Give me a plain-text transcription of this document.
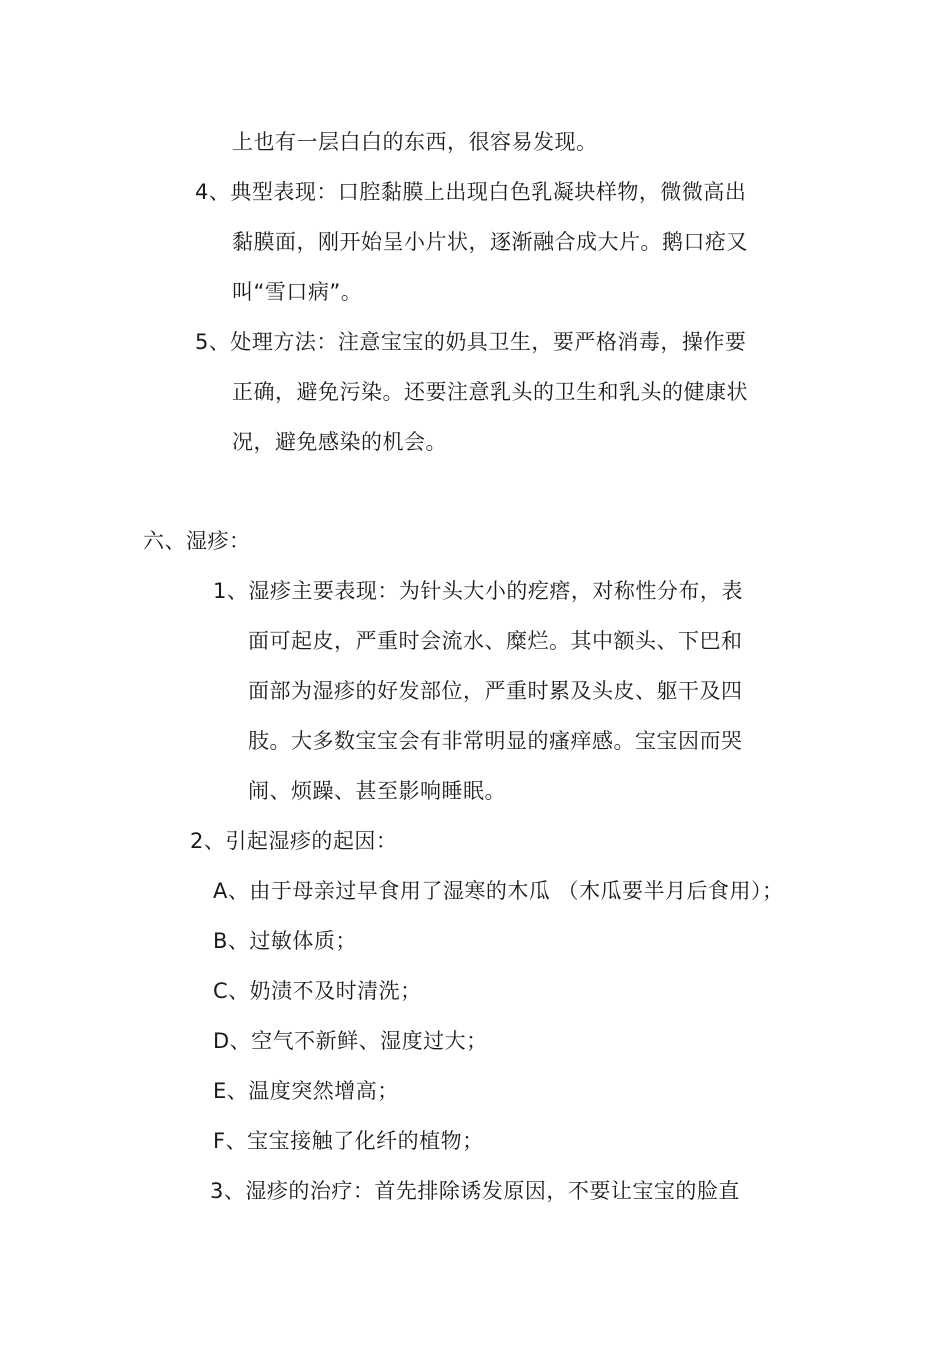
上也有一层白白的东西，很容易发现。
4、典型表现：口腔黏膜上出现白色乳凝块样物，微微高出
黏膜面，刚开始呈小片状，逐渐融合成大片。鹅口疮又
叫“雪口病”。
5、处理方法：注意宝宝的奶具卫生，要严格消毒，操作要
正确，避免污染。还要注意乳头的卫生和乳头的健康状
况，避免感染的机会。
六、湿疹：
1、湿疹主要表现：为针头大小的疙瘩，对称性分布，表
面可起皮，严重时会流水、糜烂。其中额头、下巴和
面部为湿疹的好发部位，严重时累及头皮、躯干及四
肢。大多数宝宝会有非常明显的瘙痒感。宝宝因而哭
闹、烦躁、甚至影响睡眠。
2、引起湿疹的起因：
A、由于母亲过早食用了湿寒的木瓜 （木瓜要半月后食用）；
B、过敏体质；
C、奶渍不及时清洗；
D、空气不新鲜、湿度过大；
E、温度突然增高；
F、宝宝接触了化纤的植物；
3、湿疹的治疗：首先排除诱发原因，不要让宝宝的脸直
